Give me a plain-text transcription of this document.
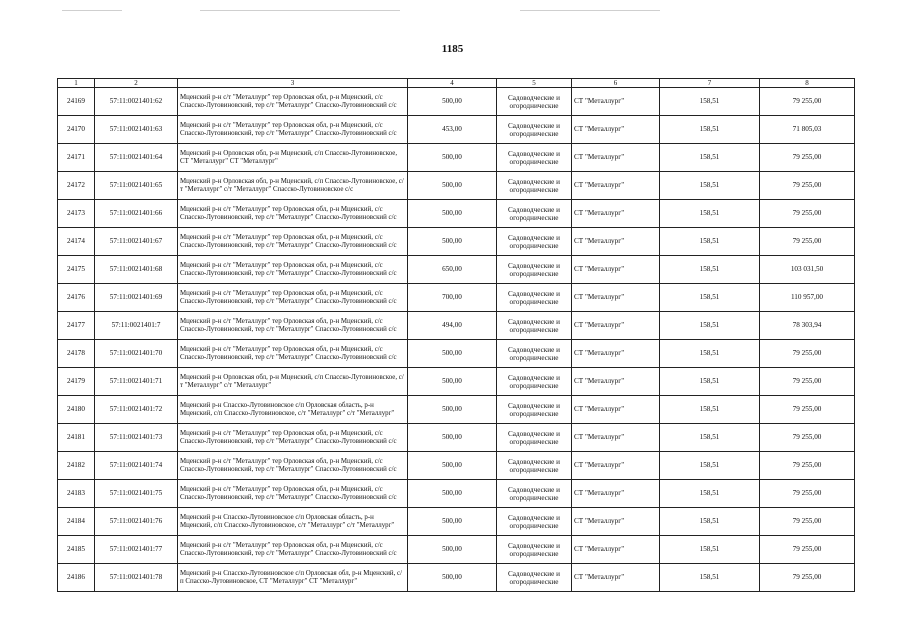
1185
1	2	3	4	5	6	7	8
24169	57:11:0021401:62	Мценский р-н с/т "Металлург" тер Орловская обл, р-н Мценский, с/с Спасско-Лутовиновский, тер с/т "Металлург" Спасско-Лутовиновский с/с	500,00	Садоводческие и огороднические	СТ "Металлург"	158,51	79 255,00
24170	57:11:0021401:63	Мценский р-н с/т "Металлург" тер Орловская обл, р-н Мценский, с/с Спасско-Лутовиновский, тер с/т "Металлург" Спасско-Лутовиновский с/с	453,00	Садоводческие и огороднические	СТ "Металлург"	158,51	71 805,03
24171	57:11:0021401:64	Мценский р-н Орловская обл, р-н Мценский, с/п Спасско-Лутовиновское, СТ "Металлург" СТ "Металлург"	500,00	Садоводческие и огороднические	СТ "Металлург"	158,51	79 255,00
24172	57:11:0021401:65	Мценский р-н Орловская обл, р-н Мценский, с/п Спасско-Лутовиновское, с/т "Металлург" с/т "Металлург" Спасско-Лутовиновское с/с	500,00	Садоводческие и огороднические	СТ "Металлург"	158,51	79 255,00
24173	57:11:0021401:66	Мценский р-н с/т "Металлург" тер Орловская обл, р-н Мценский, с/с Спасско-Лутовиновский, тер с/т "Металлург" Спасско-Лутовиновский с/с	500,00	Садоводческие и огороднические	СТ "Металлург"	158,51	79 255,00
24174	57:11:0021401:67	Мценский р-н с/т "Металлург" тер Орловская обл, р-н Мценский, с/с Спасско-Лутовиновский, тер с/т "Металлург" Спасско-Лутовиновский с/с	500,00	Садоводческие и огороднические	СТ "Металлург"	158,51	79 255,00
24175	57:11:0021401:68	Мценский р-н с/т "Металлург" тер Орловская обл, р-н Мценский, с/с Спасско-Лутовиновский, тер с/т "Металлург" Спасско-Лутовиновский с/с	650,00	Садоводческие и огороднические	СТ "Металлург"	158,51	103 031,50
24176	57:11:0021401:69	Мценский р-н с/т "Металлург" тер Орловская обл, р-н Мценский, с/с Спасско-Лутовиновский, тер с/т "Металлург" Спасско-Лутовиновский с/с	700,00	Садоводческие и огороднические	СТ "Металлург"	158,51	110 957,00
24177	57:11:0021401:7	Мценский р-н с/т "Металлург" тер Орловская обл, р-н Мценский, с/с Спасско-Лутовиновский, тер с/т "Металлург" Спасско-Лутовиновский с/с	494,00	Садоводческие и огороднические	СТ "Металлург"	158,51	78 303,94
24178	57:11:0021401:70	Мценский р-н с/т "Металлург" тер Орловская обл, р-н Мценский, с/с Спасско-Лутовиновский, тер с/т "Металлург" Спасско-Лутовиновский с/с	500,00	Садоводческие и огороднические	СТ "Металлург"	158,51	79 255,00
24179	57:11:0021401:71	Мценский р-н Орловская обл, р-н Мценский, с/п Спасско-Лутовиновское, с/т "Металлург" с/т "Металлург"	500,00	Садоводческие и огороднические	СТ "Металлург"	158,51	79 255,00
24180	57:11:0021401:72	Мценский р-н Спасско-Лутовиновское с/п Орловская область, р-н Мценский, с/п Спасско-Лутовиновское, с/т "Металлург" с/т "Металлург"	500,00	Садоводческие и огороднические	СТ "Металлург"	158,51	79 255,00
24181	57:11:0021401:73	Мценский р-н с/т "Металлург" тер Орловская обл, р-н Мценский, с/с Спасско-Лутовиновский, тер с/т "Металлург" Спасско-Лутовиновский с/с	500,00	Садоводческие и огороднические	СТ "Металлург"	158,51	79 255,00
24182	57:11:0021401:74	Мценский р-н с/т "Металлург" тер Орловская обл, р-н Мценский, с/с Спасско-Лутовиновский, тер с/т "Металлург" Спасско-Лутовиновский с/с	500,00	Садоводческие и огороднические	СТ "Металлург"	158,51	79 255,00
24183	57:11:0021401:75	Мценский р-н с/т "Металлург" тер Орловская обл, р-н Мценский, с/с Спасско-Лутовиновский, тер с/т "Металлург" Спасско-Лутовиновский с/с	500,00	Садоводческие и огороднические	СТ "Металлург"	158,51	79 255,00
24184	57:11:0021401:76	Мценский р-н Спасско-Лутовиновское с/п Орловская область, р-н Мценский, с/п Спасско-Лутовиновское, с/т "Металлург" с/т "Металлург"	500,00	Садоводческие и огороднические	СТ "Металлург"	158,51	79 255,00
24185	57:11:0021401:77	Мценский р-н с/т "Металлург" тер Орловская обл, р-н Мценский, с/с Спасско-Лутовиновский, тер с/т "Металлург" Спасско-Лутовиновский с/с	500,00	Садоводческие и огороднические	СТ "Металлург"	158,51	79 255,00
24186	57:11:0021401:78	Мценский р-н Спасско-Лутовиновское с/п Орловская обл, р-н Мценский, с/п Спасско-Лутовиновское, СТ "Металлург" СТ "Металлург"	500,00	Садоводческие и огороднические	СТ "Металлург"	158,51	79 255,00
